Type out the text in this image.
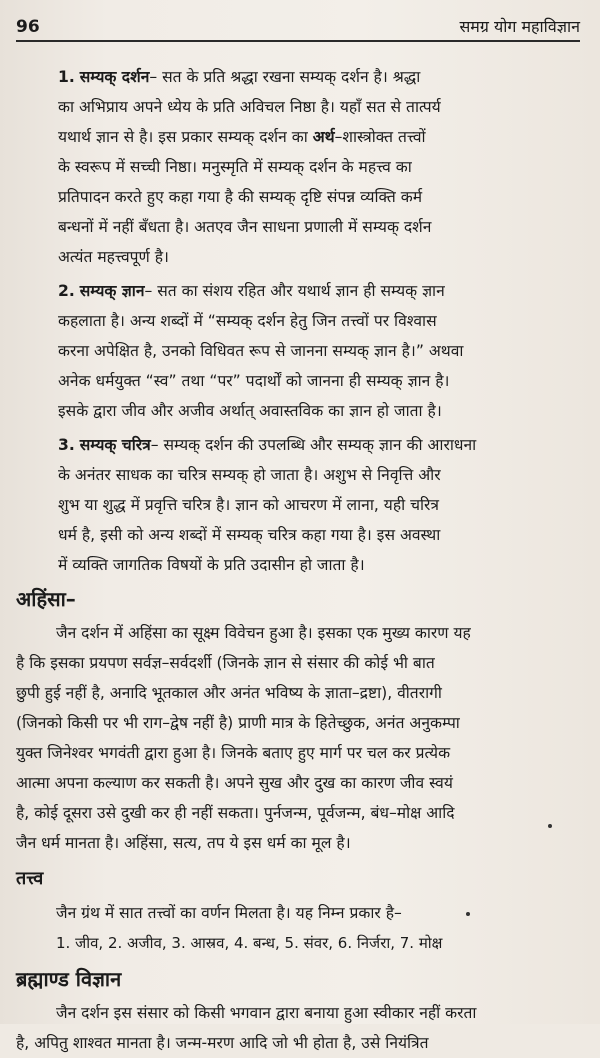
96	समग्र योग महाविज्ञान

1. सम्यक् दर्शन– सत के प्रति श्रद्धा रखना सम्यक् दर्शन है। श्रद्धा

का अभिप्राय अपने ध्येय के प्रति अविचल निष्ठा है। यहाँ सत से तात्पर्य

यथार्थ ज्ञान से है। इस प्रकार सम्यक् दर्शन का अर्थ–शास्त्रोक्त तत्त्वों

के स्वरूप में सच्ची निष्ठा। मनुस्मृति में सम्यक् दर्शन के महत्त्व का

प्रतिपादन करते हुए कहा गया है की सम्यक् दृष्टि संपन्न व्यक्ति कर्म

बन्धनों में नहीं बँधता है। अतएव जैन साधना प्रणाली में सम्यक् दर्शन

अत्यंत महत्त्वपूर्ण है।

2. सम्यक् ज्ञान– सत का संशय रहित और यथार्थ ज्ञान ही सम्यक् ज्ञान

कहलाता है। अन्य शब्दों में “सम्यक् दर्शन हेतु जिन तत्त्वों पर विश्वास

करना अपेक्षित है, उनको विधिवत रूप से जानना सम्यक् ज्ञान है।” अथवा

अनेक धर्मयुक्त “स्व” तथा “पर” पदार्थों को जानना ही सम्यक् ज्ञान है।

इसके द्वारा जीव और अजीव अर्थात् अवास्तविक का ज्ञान हो जाता है।

3. सम्यक् चरित्र– सम्यक् दर्शन की उपलब्धि और सम्यक् ज्ञान की आराधना

के अनंतर साधक का चरित्र सम्यक् हो जाता है। अशुभ से निवृत्ति और

शुभ या शुद्ध में प्रवृत्ति चरित्र है। ज्ञान को आचरण में लाना, यही चरित्र

धर्म है, इसी को अन्य शब्दों में सम्यक् चरित्र कहा गया है। इस अवस्था

में व्यक्ति जागतिक विषयों के प्रति उदासीन हो जाता है।

अहिंसा–

जैन दर्शन में अहिंसा का सूक्ष्म विवेचन हुआ है। इसका एक मुख्य कारण यह

है कि इसका प्रयपण सर्वज्ञ–सर्वदर्शी (जिनके ज्ञान से संसार की कोई भी बात

छुपी हुई नहीं है, अनादि भूतकाल और अनंत भविष्य के ज्ञाता–द्रष्टा), वीतरागी

(जिनको किसी पर भी राग–द्वेष नहीं है) प्राणी मात्र के हितेच्छुक, अनंत अनुकम्पा

युक्त जिनेश्वर भगवंती द्वारा हुआ है। जिनके बताए हुए मार्ग पर चल कर प्रत्येक

आत्मा अपना कल्याण कर सकती है। अपने सुख और दुख का कारण जीव स्वयं

है, कोई दूसरा उसे दुखी कर ही नहीं सकता। पुर्नजन्म, पूर्वजन्म, बंध–मोक्ष आदि

जैन धर्म मानता है। अहिंसा, सत्य, तप ये इस धर्म का मूल है।

तत्त्व

जैन ग्रंथ में सात तत्त्वों का वर्णन मिलता है। यह निम्न प्रकार है–

1. जीव, 2. अजीव, 3. आस्रव, 4. बन्ध, 5. संवर, 6. निर्जरा, 7. मोक्ष

ब्रह्माण्ड विज्ञान

जैन दर्शन इस संसार को किसी भगवान द्वारा बनाया हुआ स्वीकार नहीं करता

है, अपितु शाश्वत मानता है। जन्म-मरण आदि जो भी होता है, उसे नियंत्रित
